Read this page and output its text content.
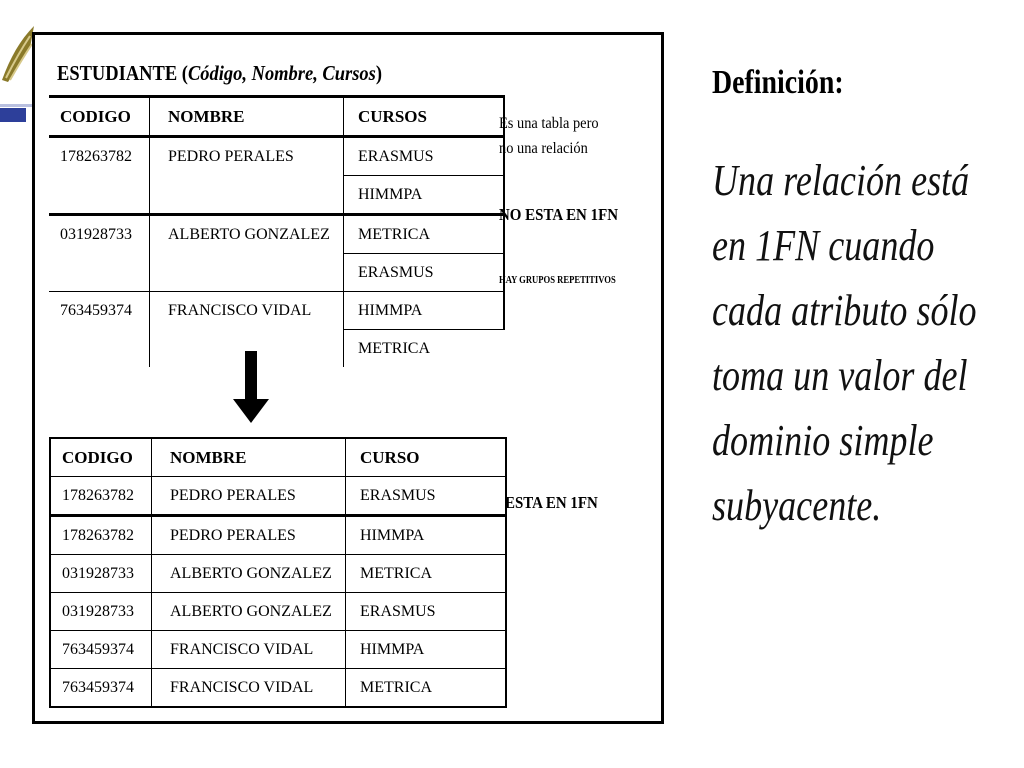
ESTUDIANTE (Código, Nombre, Cursos)
CODIGO	NOMBRE	CURSOS
178263782	PEDRO PERALES	ERASMUS
		HIMMPA
031928733	ALBERTO GONZALEZ	METRICA
		ERASMUS
763459374	FRANCISCO VIDAL	HIMMPA
		METRICA
Es una tabla pero
no una relación
NO ESTA EN 1FN
HAY GRUPOS REPETITIVOS
CODIGO	NOMBRE	CURSO
178263782	PEDRO PERALES	ERASMUS
178263782	PEDRO PERALES	HIMMPA
031928733	ALBERTO GONZALEZ	METRICA
031928733	ALBERTO GONZALEZ	ERASMUS
763459374	FRANCISCO VIDAL	HIMMPA
763459374	FRANCISCO VIDAL	METRICA
ESTA EN 1FN
Definición:
Una relación está
en 1FN cuando
cada atributo sólo
toma un valor del
dominio simple
subyacente.
